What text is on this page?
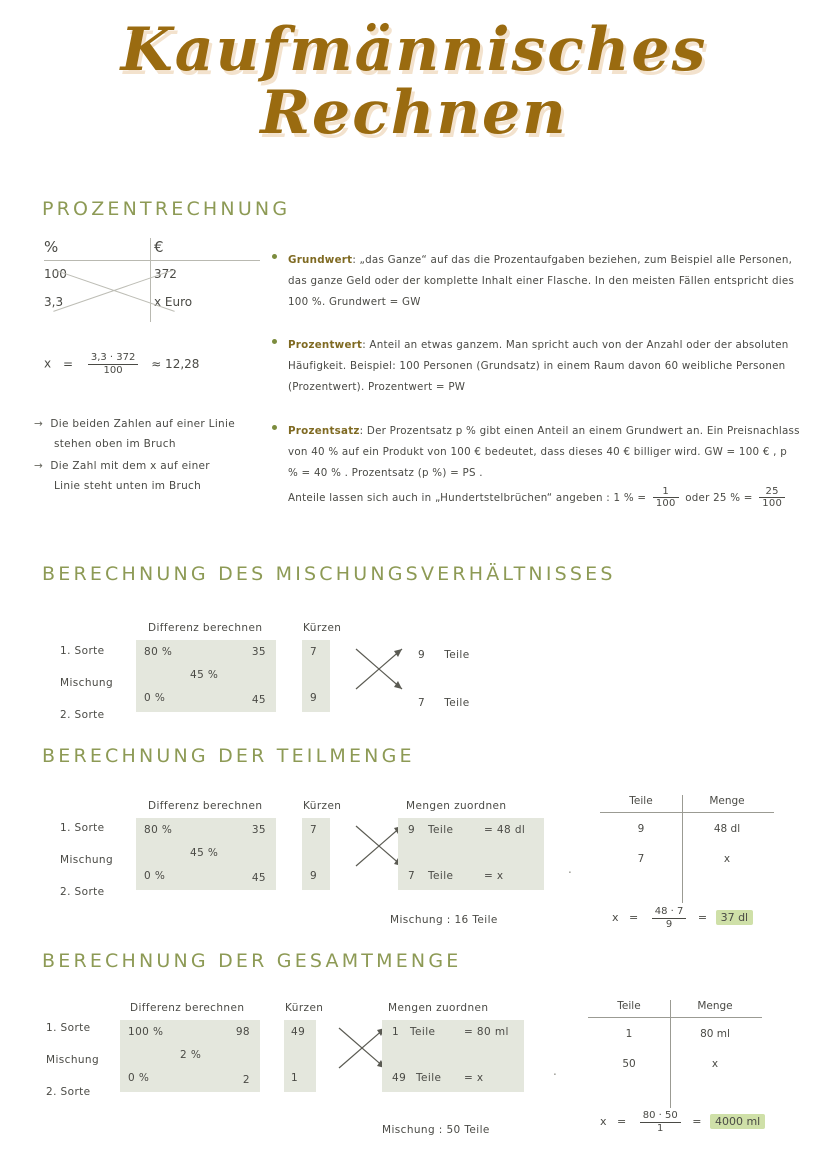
Kaufmännisches
Rechnen
PROZENTRECHNUNG
%	€
100	372
3,3	x Euro
$x = \frac{3,3 \cdot 372}{100} \approx 12,28$
→ Die beiden Zahlen auf einer Linie
stehen oben im Bruch
→ Die Zahl mit dem x auf einer
Linie steht unten im Bruch
Grundwert: „das Ganze“ auf das die Prozentaufgaben beziehen, zum Beispiel alle Personen, das ganze Geld oder der komplette Inhalt einer Flasche. In den meisten Fällen entspricht dies 100 %. Grundwert = GW
Prozentwert: Anteil an etwas ganzem. Man spricht auch von der Anzahl oder der absoluten Häufigkeit. Beispiel: 100 Personen (Grundsatz) in einem Raum davon 60 weibliche Personen (Prozentwert). Prozentwert = PW
Prozentsatz: Der Prozentsatz p % gibt einen Anteil an einem Grundwert an. Ein Preisnachlass von 40 % auf ein Produkt von 100 € bedeutet, dass dieses 40 € billiger wird. GW = 100 € , p % = 40 % . Prozentsatz (p %) = PS .
Anteile lassen sich auch in „Hundertstelbrüchen“ angeben : 1 % = $\frac{1}{100}$ oder 25 % = $\frac{25}{100}$
BERECHNUNG DES MISCHUNGSVERHÄLTNISSES
1. Sorte
Mischung
2. Sorte
Differenz berechnen
80 %	35
45 %
0 %	45
Kürzen
7
9
9 Teile
7 Teile
BERECHNUNG DER TEILMENGE
1. Sorte
Mischung
2. Sorte
Differenz berechnen
80 %	35
45 %
0 %	45
Kürzen
7
9
Mengen zuordnen
9 Teile	= 48 dl
7 Teile	= x	.
Mischung : 16 Teile
Teile	Menge
9	48 dl
7	x
$x = \frac{48 \cdot 7}{9} = 37$ dl
BERECHNUNG DER GESAMTMENGE
1. Sorte
Mischung
2. Sorte
Differenz berechnen
100 %	98
2 %
0 %	2
Kürzen
49
1
Mengen zuordnen
1 Teile	= 80 ml
49 Teile = x	.
Mischung : 50 Teile
Teile	Menge
1	80 ml
50	x
$x = \frac{80 \cdot 50}{1} = 4000$ ml
